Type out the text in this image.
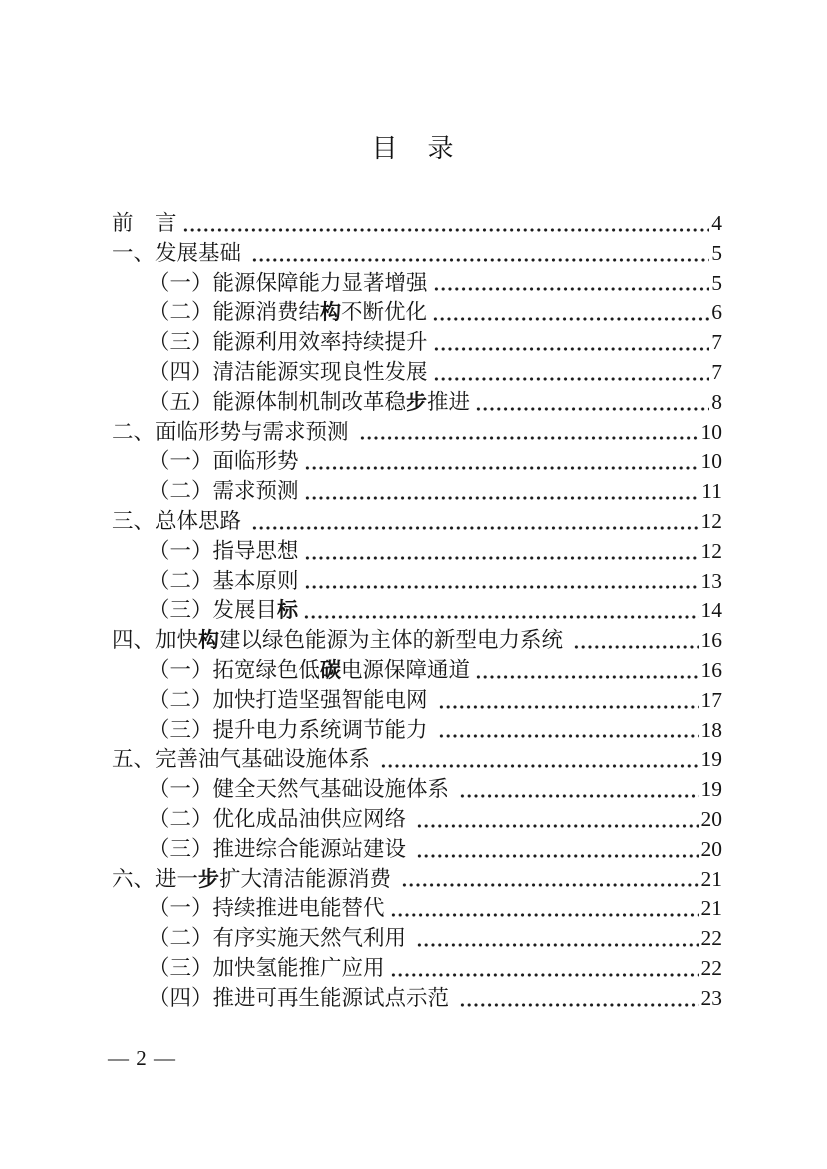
目　录
前　言	4
一、发展基础	5
（一）能源保障能力显著增强	5
（二）能源消费结构不断优化	6
（三）能源利用效率持续提升	7
（四）清洁能源实现良性发展	7
（五）能源体制机制改革稳步推进	8
二、面临形势与需求预测	10
（一）面临形势	10
（二）需求预测	11
三、总体思路	12
（一）指导思想	12
（二）基本原则	13
（三）发展目标	14
四、加快构建以绿色能源为主体的新型电力系统	16
（一）拓宽绿色低碳电源保障通道	16
（二）加快打造坚强智能电网	17
（三）提升电力系统调节能力	18
五、完善油气基础设施体系	19
（一）健全天然气基础设施体系	19
（二）优化成品油供应网络	20
（三）推进综合能源站建设	20
六、进一步扩大清洁能源消费	21
（一）持续推进电能替代	21
（二）有序实施天然气利用	22
（三）加快氢能推广应用	22
（四）推进可再生能源试点示范	23
— 2 —
